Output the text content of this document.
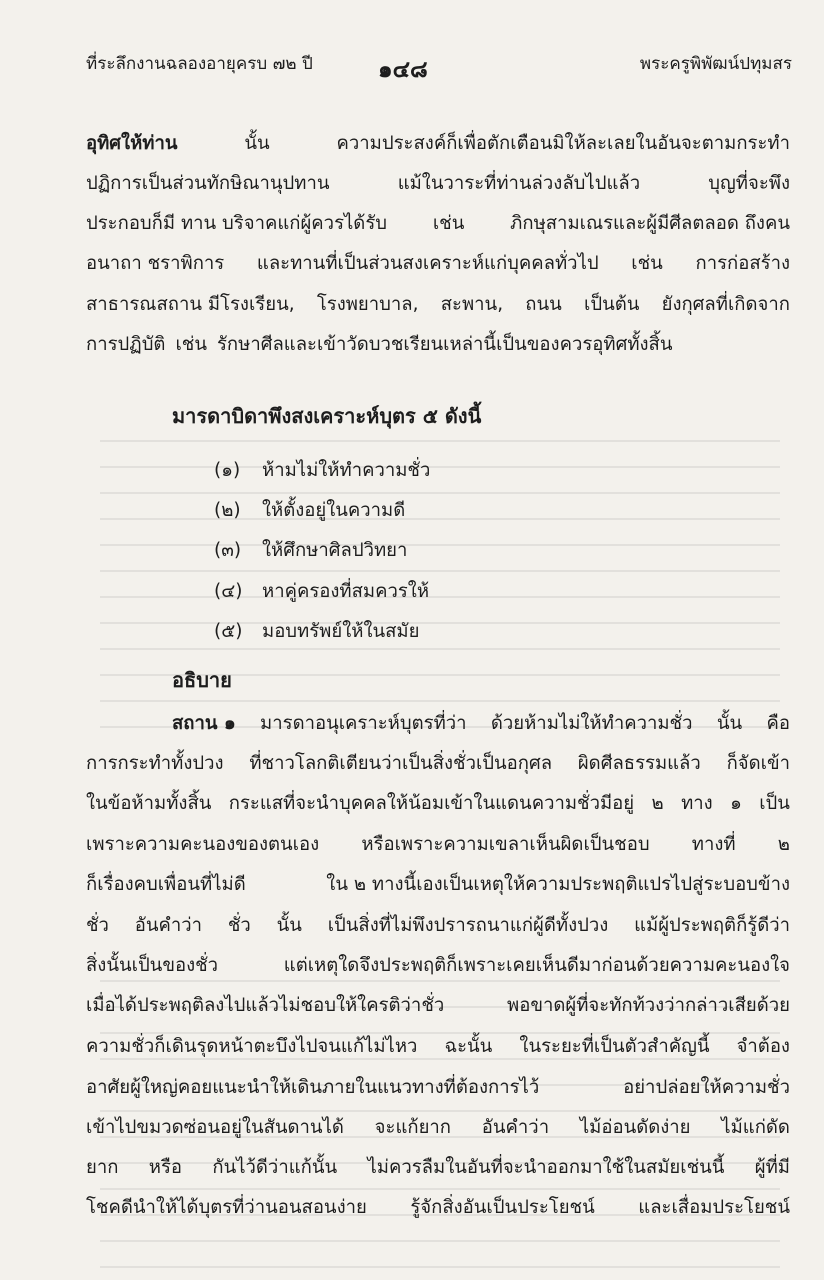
ที่ระลึกงานฉลองอายุครบ ๗๒ ปี	๑๔๘	พระครูพิพัฒน์ปทุมสร
อุทิศให้ท่าน	นั้น	ความประสงค์ก็เพื่อตักเตือนมิให้ละเลยในอันจะตามกระทำ
ปฏิการเป็นส่วนทักษิณานุปทาน	แม้ในวาระที่ท่านล่วงลับไปแล้ว	บุญที่จะพึง
ประกอบก็มี ทาน บริจาคแก่ผู้ควรได้รับ เช่น ภิกษุสามเณรและผู้มีศีลตลอด ถึงคน
อนาถา ชราพิการ และทานที่เป็นส่วนสงเคราะห์แก่บุคคลทั่วไป เช่น การก่อสร้าง
สาธารณสถาน มีโรงเรียน, โรงพยาบาล, สะพาน, ถนน เป็นต้น ยังกุศลที่เกิดจาก
การปฏิบัติ เช่น รักษาศีลและเข้าวัดบวชเรียนเหล่านี้เป็นของควรอุทิศทั้งสิ้น
มารดาบิดาพึงสงเคราะห์บุตร ๕ ดังนี้
(๑) ห้ามไม่ให้ทำความชั่ว
(๒) ให้ตั้งอยู่ในความดี
(๓) ให้ศึกษาศิลปวิทยา
(๔) หาคู่ครองที่สมควรให้
(๕) มอบทรัพย์ให้ในสมัย
อธิบาย
สถาน ๑ มารดาอนุเคราะห์บุตรที่ว่า ด้วยห้ามไม่ให้ทำความชั่ว นั้น คือ
การกระทำทั้งปวง ที่ชาวโลกติเตียนว่าเป็นสิ่งชั่วเป็นอกุศล ผิดศีลธรรมแล้ว ก็จัดเข้า
ในข้อห้ามทั้งสิ้น กระแสที่จะนำบุคคลให้น้อมเข้าในแดนความชั่วมีอยู่ ๒ ทาง ๑ เป็น
เพราะความคะนองของตนเอง หรือเพราะความเขลาเห็นผิดเป็นชอบ ทางที่ ๒
ก็เรื่องคบเพื่อนที่ไม่ดี	ใน ๒ ทางนี้เองเป็นเหตุให้ความประพฤติแปรไปสู่ระบอบข้าง
ชั่ว อันคำว่า ชั่ว นั้น เป็นสิ่งที่ไม่พึงปรารถนาแก่ผู้ดีทั้งปวง แม้ผู้ประพฤติก็รู้ดีว่า
สิ่งนั้นเป็นของชั่ว	แต่เหตุใดจึงประพฤติก็เพราะเคยเห็นดีมาก่อนด้วยความคะนองใจ
เมื่อได้ประพฤติลงไปแล้วไม่ชอบให้ใครติว่าชั่ว	พอขาดผู้ที่จะทักท้วงว่ากล่าวเสียด้วย
ความชั่วก็เดินรุดหน้าตะบึงไปจนแก้ไม่ไหว ฉะนั้น ในระยะที่เป็นตัวสำคัญนี้ จำต้อง
อาศัยผู้ใหญ่คอยแนะนำให้เดินภายในแนวทางที่ต้องการไว้	อย่าปล่อยให้ความชั่ว
เข้าไปขมวดซ่อนอยู่ในสันดานได้ จะแก้ยาก อันคำว่า ไม้อ่อนดัดง่าย ไม้แก่ดัด
ยาก หรือ กันไว้ดีว่าแก้นั้น ไม่ควรลืมในอันที่จะนำออกมาใช้ในสมัยเช่นนี้ ผู้ที่มี
โชคดีนำให้ได้บุตรที่ว่านอนสอนง่าย รู้จักสิ่งอันเป็นประโยชน์ และเสื่อมประโยชน์
